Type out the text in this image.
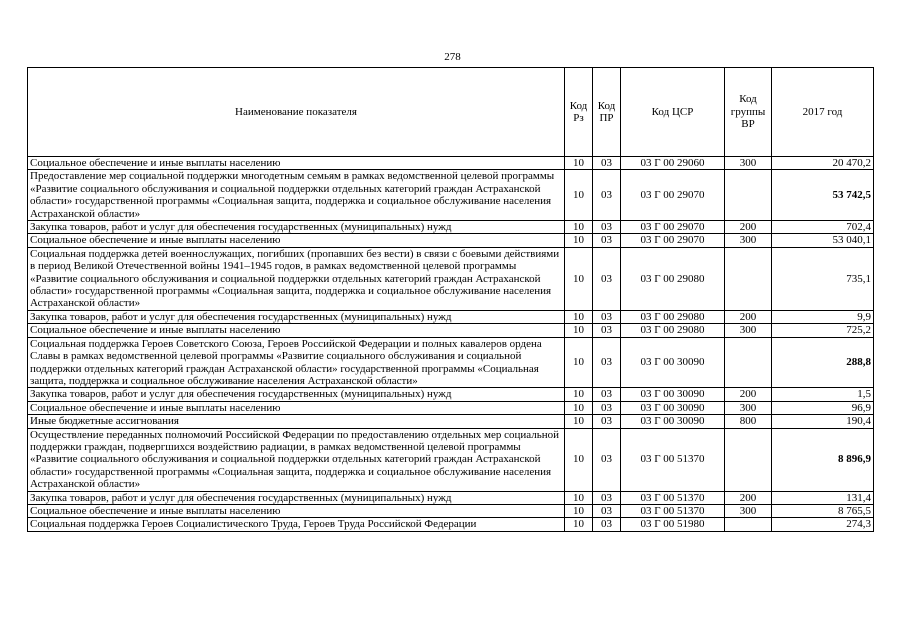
278
Наименование показателя	Код Рз	Код ПР	Код ЦСР	Код группы ВР	2017 год
Социальное обеспечение и иные выплаты населению	10	03	03 Г 00 29060	300	20 470,2
Предоставление мер социальной поддержки многодетным семьям в рамках ведомственной целевой программы «Развитие социального обслуживания и социальной поддержки отдельных категорий граждан Астраханской области» государственной программы «Социальная защита, поддержка и социальное обслуживание населения Астраханской области»	10	03	03 Г 00 29070		53 742,5
Закупка товаров, работ и услуг для обеспечения государственных (муниципальных) нужд	10	03	03 Г 00 29070	200	702,4
Социальное обеспечение и иные выплаты населению	10	03	03 Г 00 29070	300	53 040,1
Социальная поддержка детей военнослужащих, погибших (пропавших без вести) в связи с боевыми действиями в период Великой Отечественной войны 1941–1945 годов, в рамках ведомственной целевой программы «Развитие социального обслуживания и социальной поддержки отдельных категорий граждан Астраханской области» государственной программы «Социальная защита, поддержка и социальное обслуживание населения Астраханской области»	10	03	03 Г 00 29080		735,1
Закупка товаров, работ и услуг для обеспечения государственных (муниципальных) нужд	10	03	03 Г 00 29080	200	9,9
Социальное обеспечение и иные выплаты населению	10	03	03 Г 00 29080	300	725,2
Социальная поддержка Героев Советского Союза, Героев Российской Федерации и полных кавалеров ордена Славы в рамках ведомственной целевой программы «Развитие социального обслуживания и социальной поддержки отдельных категорий граждан Астраханской области» государственной программы «Социальная защита, поддержка и социальное обслуживание населения Астраханской области»	10	03	03 Г 00 30090		288,8
Закупка товаров, работ и услуг для обеспечения государственных (муниципальных) нужд	10	03	03 Г 00 30090	200	1,5
Социальное обеспечение и иные выплаты населению	10	03	03 Г 00 30090	300	96,9
Иные бюджетные ассигнования	10	03	03 Г 00 30090	800	190,4
Осуществление переданных полномочий Российской Федерации по предоставлению отдельных мер социальной поддержки граждан, подвергшихся воздействию радиации, в рамках ведомственной целевой программы «Развитие социального обслуживания и социальной поддержки отдельных категорий граждан Астраханской области» государственной программы «Социальная защита, поддержка и социальное обслуживание населения Астраханской области»	10	03	03 Г 00 51370		8 896,9
Закупка товаров, работ и услуг для обеспечения государственных (муниципальных) нужд	10	03	03 Г 00 51370	200	131,4
Социальное обеспечение и иные выплаты населению	10	03	03 Г 00 51370	300	8 765,5
Социальная поддержка Героев Социалистического Труда, Героев Труда Российской Федерации	10	03	03 Г 00 51980		274,3
